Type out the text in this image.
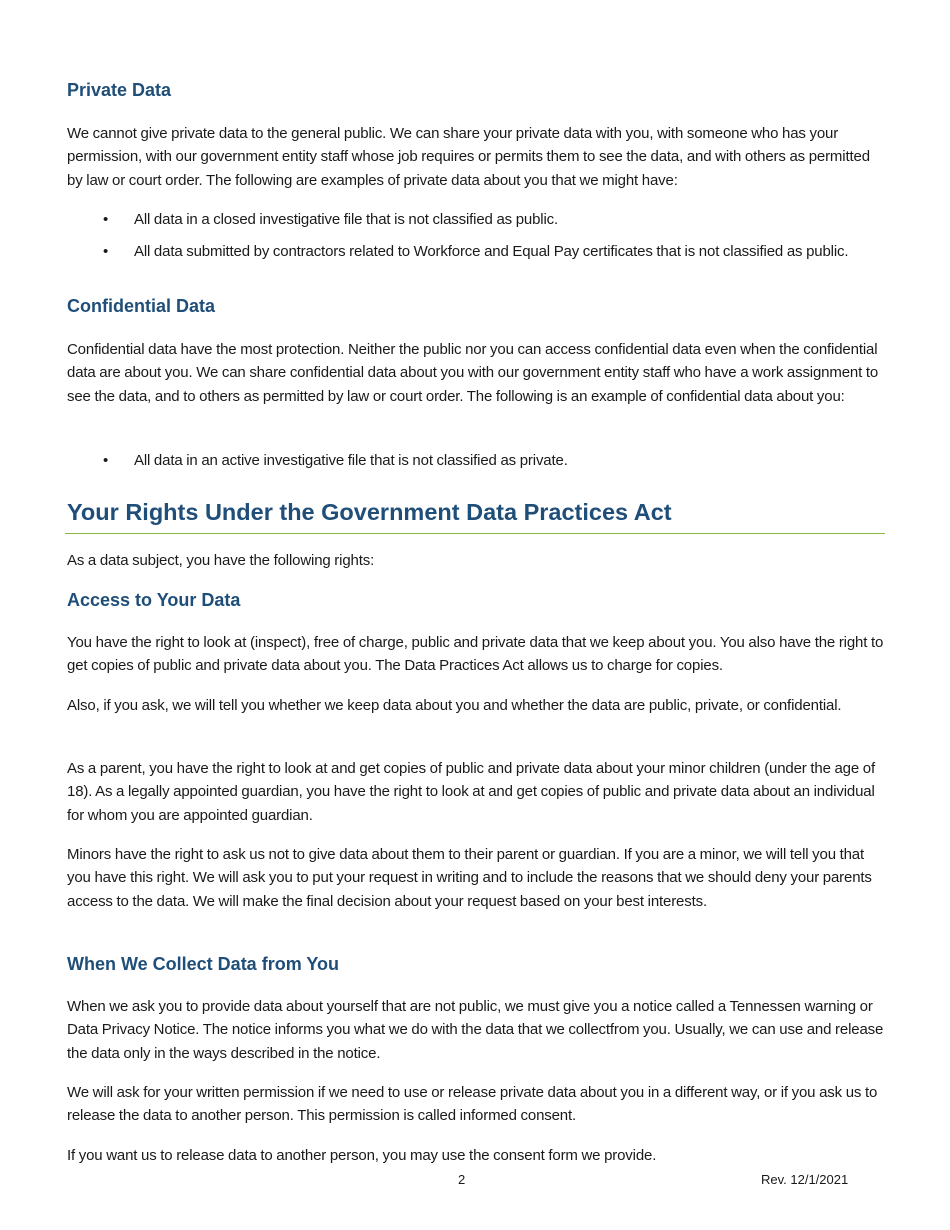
Private Data

We cannot give private data to the general public. We can share your private data with you, with someone who has your permission, with our government entity staff whose job requires or permits them to see the data, and with others as permitted by law or court order. The following are examples of private data about you that we might have:

• All data in a closed investigative file that is not classified as public.
• All data submitted by contractors related to Workforce and Equal Pay certificates that is not classified as public.
Confidential Data

Confidential data have the most protection. Neither the public nor you can access confidential data even when the confidential data are about you. We can share confidential data about you with our government entity staff who have a work assignment to see the data, and to others as permitted by law or court order. The following is an example of confidential data about you:

• All data in an active investigative file that is not classified as private.
Your Rights Under the Government Data Practices Act

As a data subject, you have the following rights:

Access to Your Data

You have the right to look at (inspect), free of charge, public and private data that we keep about you. You also have the right to get copies of public and private data about you. The Data Practices Act allows us to charge for copies.

Also, if you ask, we will tell you whether we keep data about you and whether the data are public, private, or confidential.

As a parent, you have the right to look at and get copies of public and private data about your minor children (under the age of 18). As a legally appointed guardian, you have the right to look at and get copies of public and private data about an individual for whom you are appointed guardian.

Minors have the right to ask us not to give data about them to their parent or guardian. If you are a minor, we will tell you that you have this right. We will ask you to put your request in writing and to include the reasons that we should deny your parents access to the data. We will make the final decision about your request based on your best interests.

When We Collect Data from You

When we ask you to provide data about yourself that are not public, we must give you a notice called a Tennessen warning or Data Privacy Notice. The notice informs you what we do with the data that we collectfrom you. Usually, we can use and release the data only in the ways described in the notice.

We will ask for your written permission if we need to use or release private data about you in a different way, or if you ask us to release the data to another person. This permission is called informed consent.

If you want us to release data to another person, you may use the consent form we provide.

2	Rev. 12/1/2021
